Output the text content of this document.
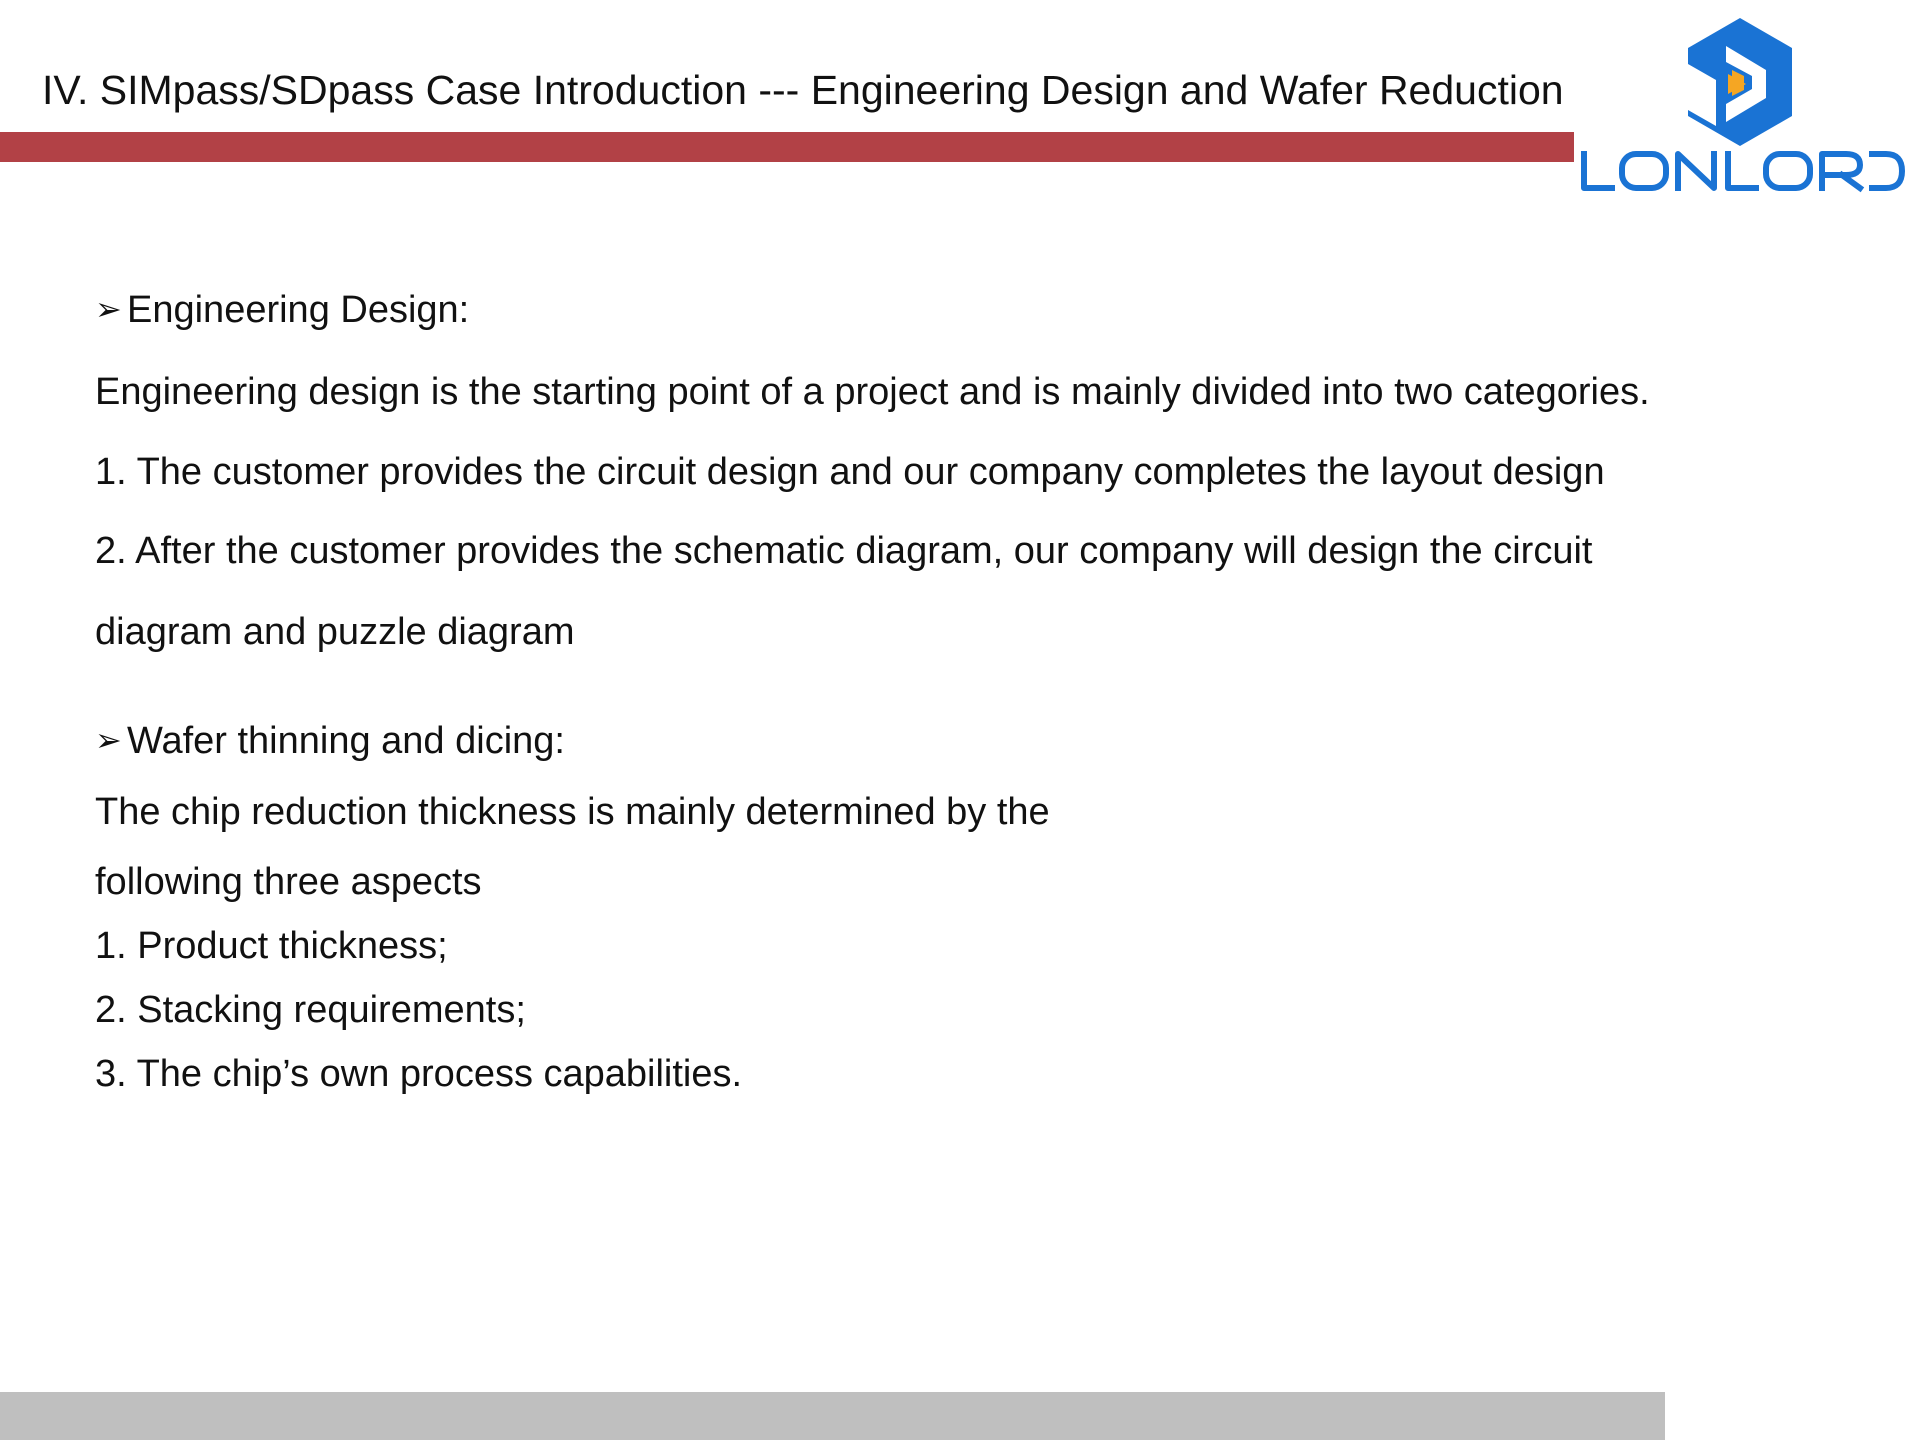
IV. SIMpass/SDpass Case Introduction --- Engineering Design and Wafer Reduction
➢ Engineering Design:
Engineering design is the starting point of a project and is mainly divided into two categories.
1. The customer provides the circuit design and our company completes the layout design
2. After the customer provides the schematic diagram, our company will design the circuit
diagram and puzzle diagram
➢ Wafer thinning and dicing:
The chip reduction thickness is mainly determined by the
following three aspects
1. Product thickness;
2. Stacking requirements;
3. The chip’s own process capabilities.
